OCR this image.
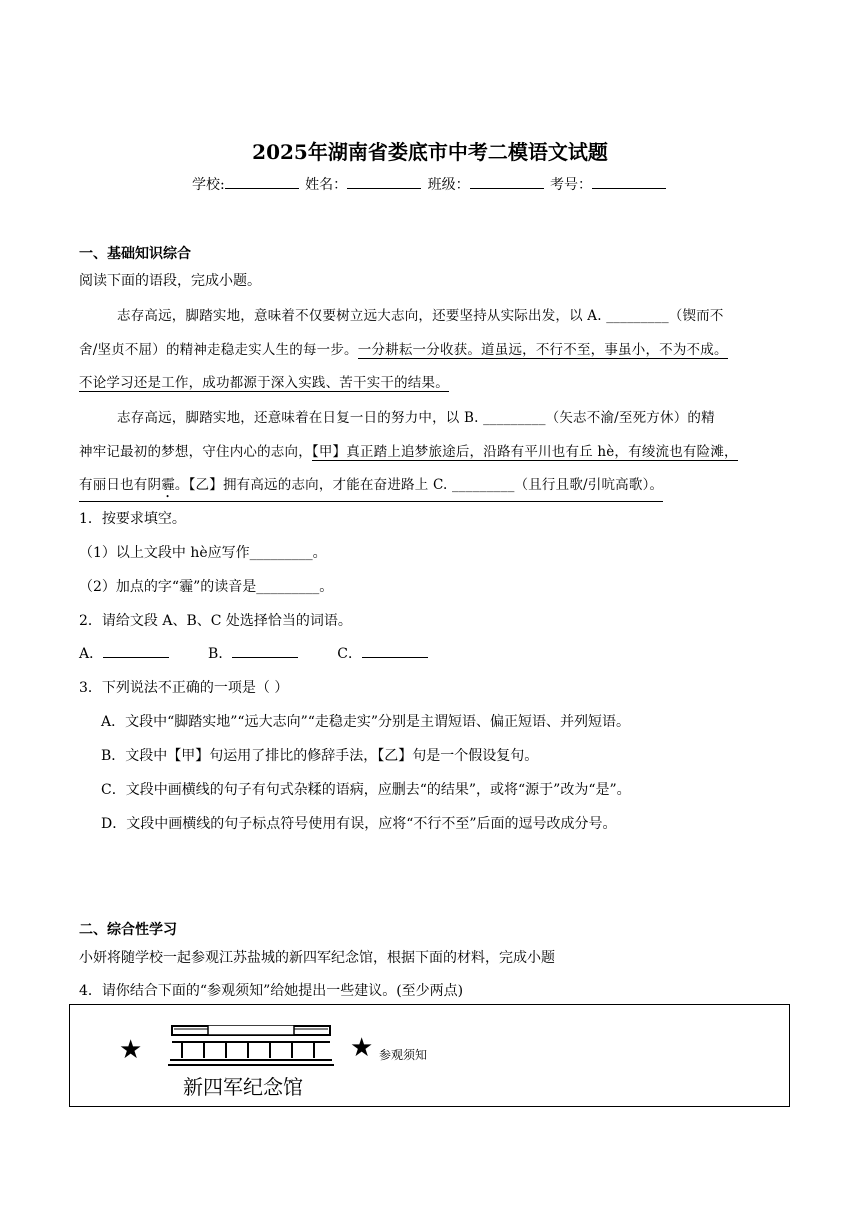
2025年湖南省娄底市中考二模语文试题
学校:	姓名：	班级：	考号：
一、基础知识综合
阅读下面的语段，完成小题。
志存高远，脚踏实地，意味着不仅要树立远大志向，还要坚持从实际出发，以 A. _________（锲而不
舍/坚贞不屈）的精神走稳走实人生的每一步。一分耕耘一分收获。道虽远，不行不至，事虽小，不为不成。
不论学习还是工作，成功都源于深入实践、苦干实干的结果。
志存高远，脚踏实地，还意味着在日复一日的努力中，以 B. _________（矢志不渝/至死方休）的精
神牢记最初的梦想，守住内心的志向，【甲】真正踏上追梦旅途后，沿路有平川也有丘 hè，有绫流也有险滩，
有丽日也有阴霾。【乙】拥有高远的志向，才能在奋进路上 C. _________（且行且歌/引吭高歌）。
1．按要求填空。
（1）以上文段中 hè应写作_________。
（2）加点的字“霾”的读音是_________。
2．请给文段 A、B、C 处选择恰当的词语。
A．	B．	C．
3．下列说法不正确的一项是（ ）
A．文段中“脚踏实地”“远大志向”“走稳走实”分别是主谓短语、偏正短语、并列短语。
B．文段中【甲】句运用了排比的修辞手法，【乙】句是一个假设复句。
C．文段中画横线的句子有句式杂糅的语病，应删去“的结果”，或将“源于”改为“是”。
D．文段中画横线的句子标点符号使用有误，应将“不行不至”后面的逗号改成分号。
二、综合性学习
小妍将随学校一起参观江苏盐城的新四军纪念馆，根据下面的材料，完成小题
4．请你结合下面的“参观须知”给她提出一些建议。(至少两点)
★
新四军纪念馆
★ 参观须知
